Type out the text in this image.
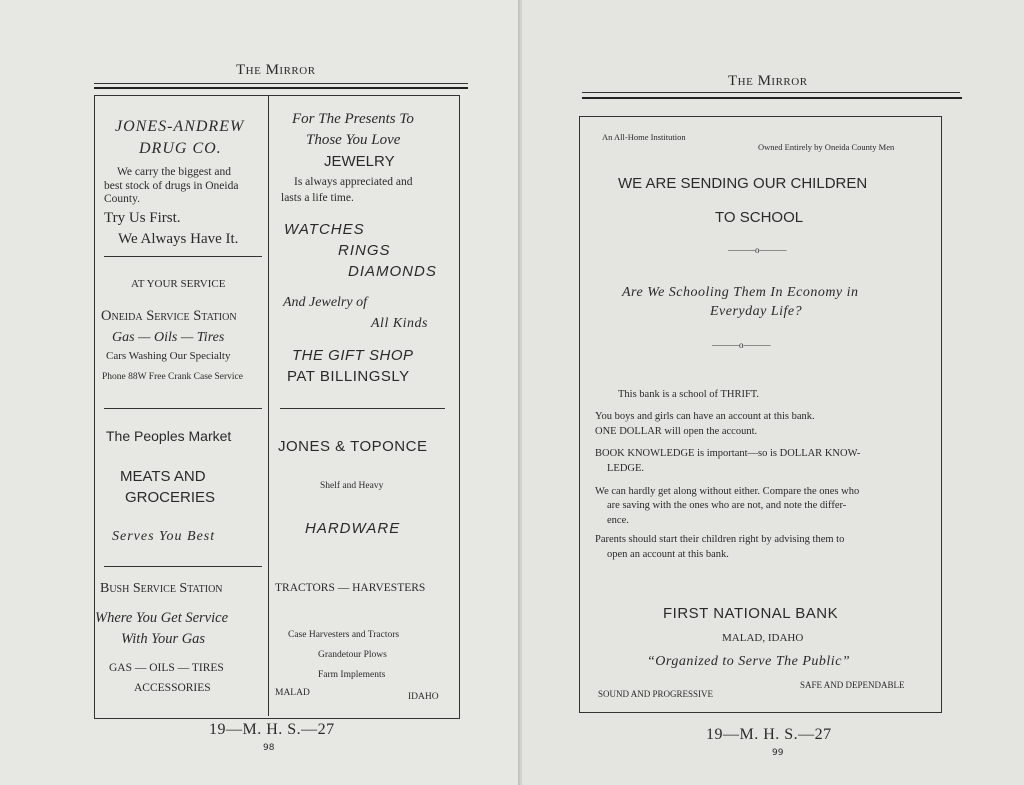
The Mirror
JONES-ANDREW
DRUG CO.
We carry the biggest and
best stock of drugs in Oneida
County.
Try Us First.
We Always Have It.
AT YOUR SERVICE
Oneida Service Station
Gas — Oils — Tires
Cars Washing Our Specialty
Phone 88W Free Crank Case Service
The Peoples Market
MEATS AND
GROCERIES
Serves You Best
Bush Service Station
Where You Get Service
With Your Gas
GAS — OILS — TIRES
ACCESSORIES
For The Presents To
Those You Love
JEWELRY
Is always appreciated and
lasts a life time.
WATCHES
RINGS
DIAMONDS
And Jewelry of
All Kinds
THE GIFT SHOP
PAT BILLINGSLY
JONES & TOPONCE
Shelf and Heavy
HARDWARE
TRACTORS — HARVESTERS
Case Harvesters and Tractors
Grandetour Plows
Farm Implements
MALAD	IDAHO
19—M. H. S.—27
98
The Mirror
An All-Home Institution
Owned Entirely by Oneida County Men
WE ARE SENDING OUR CHILDREN
TO SCHOOL
———o———
Are We Schooling Them In Economy in
Everyday Life?
———o———
This bank is a school of THRIFT.
You boys and girls can have an account at this bank.
ONE DOLLAR will open the account.
BOOK KNOWLEDGE is important—so is DOLLAR KNOW-
LEDGE.
We can hardly get along without either. Compare the ones who
are saving with the ones who are not, and note the differ-
ence.
Parents should start their children right by advising them to
open an account at this bank.
FIRST NATIONAL BANK
MALAD, IDAHO
“Organized to Serve The Public”
SOUND AND PROGRESSIVE
SAFE AND DEPENDABLE
19—M. H. S.—27
99
